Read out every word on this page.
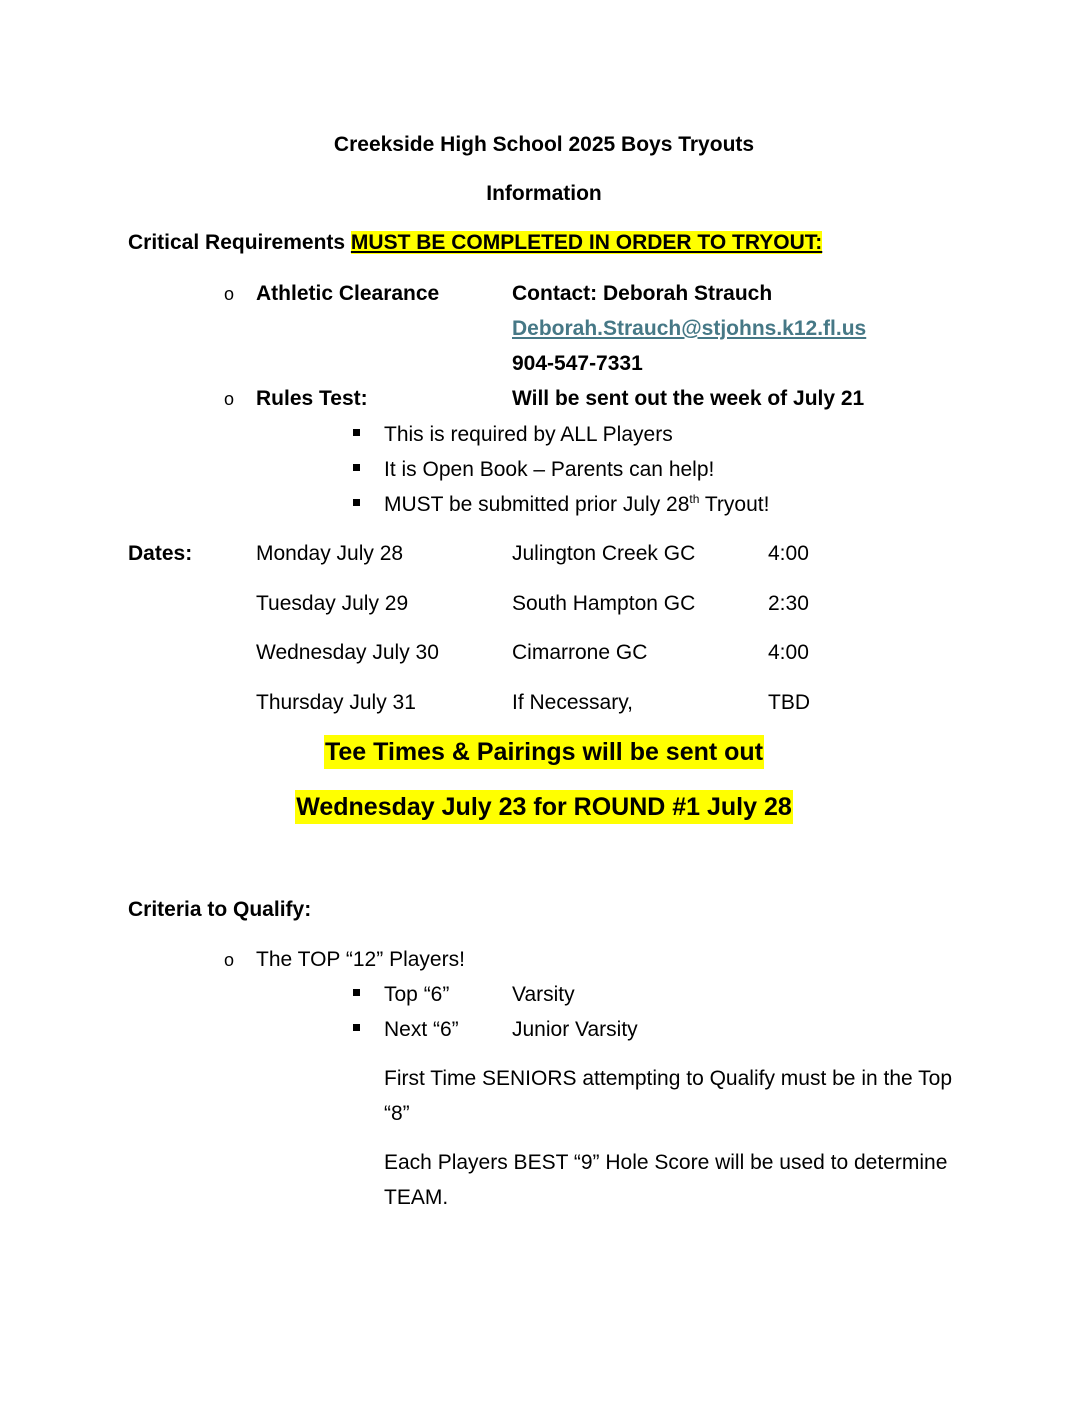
Creekside High School 2025 Boys Tryouts
Information
Critical Requirements MUST BE COMPLETED IN ORDER TO TRYOUT:
o Athletic Clearance	Contact: Deborah Strauch
Deborah.Strauch@stjohns.k12.fl.us
904-547-7331
o Rules Test:	Will be sent out the week of July 21
This is required by ALL Players
It is Open Book – Parents can help!
MUST be submitted prior July 28th Tryout!
Dates:	Monday July 28	Julington Creek GC	4:00
Tuesday July 29	South Hampton GC	2:30
Wednesday July 30	Cimarrone GC	4:00
Thursday July 31	If Necessary,	TBD
Tee Times & Pairings will be sent out
Wednesday July 23 for ROUND #1 July 28
Criteria to Qualify:
o The TOP “12” Players!
Top “6”	Varsity
Next “6”	Junior Varsity
First Time SENIORS attempting to Qualify must be in the Top “8”
Each Players BEST “9” Hole Score will be used to determine TEAM.
